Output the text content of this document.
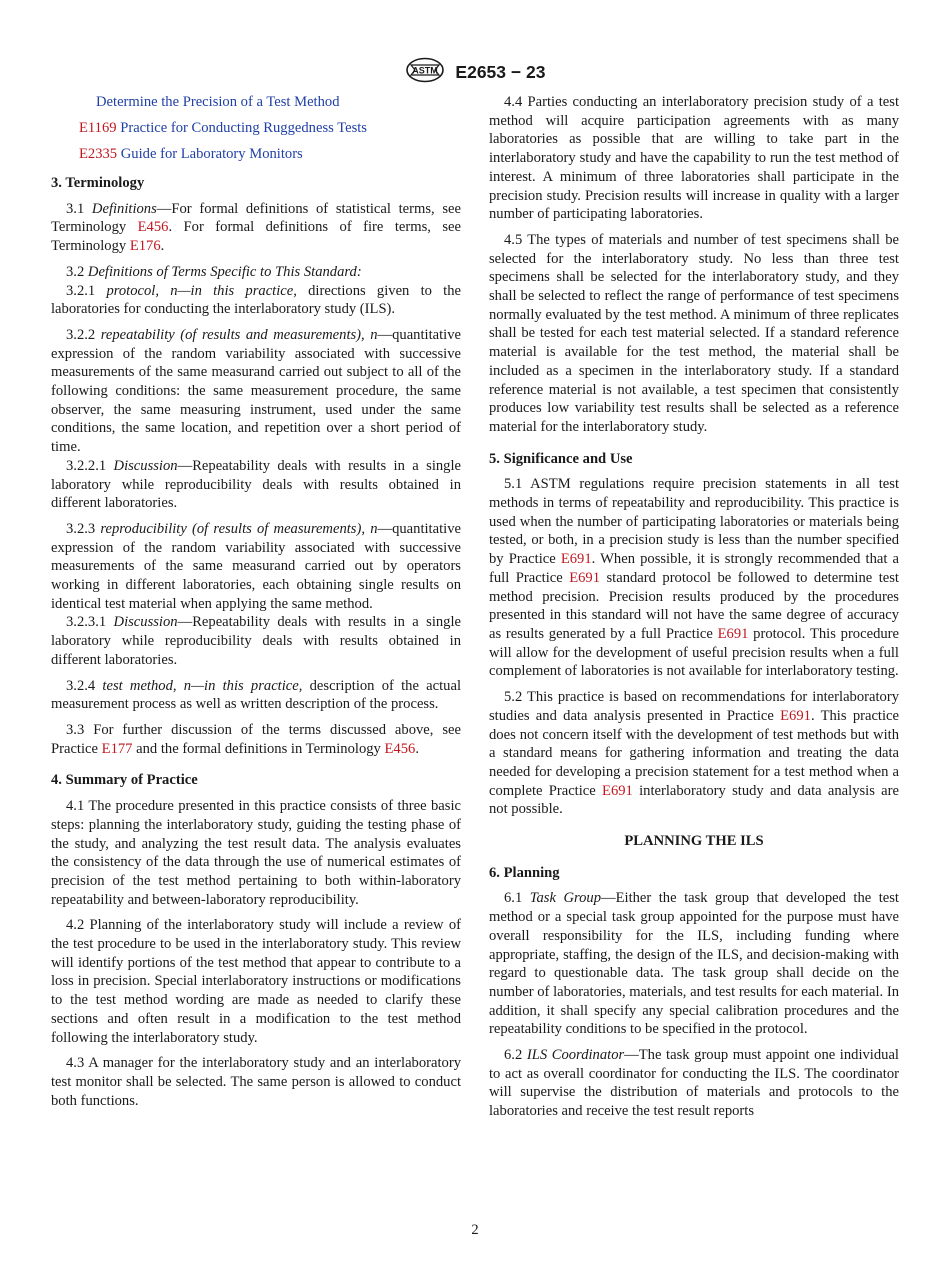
ASTM E2653 − 23

Determine the Precision of a Test Method

E1169 Practice for Conducting Ruggedness Tests

E2335 Guide for Laboratory Monitors

3. Terminology

3.1 Definitions—For formal definitions of statistical terms, see Terminology E456. For formal definitions of fire terms, see Terminology E176.

3.2 Definitions of Terms Specific to This Standard:

3.2.1 protocol, n—in this practice, directions given to the laboratories for conducting the interlaboratory study (ILS).

3.2.2 repeatability (of results and measurements), n—quantitative expression of the random variability associated with successive measurements of the same measurand carried out subject to all of the following conditions: the same measurement procedure, the same observer, the same measuring instrument, used under the same conditions, the same location, and repetition over a short period of time.

3.2.2.1 Discussion—Repeatability deals with results in a single laboratory while reproducibility deals with results obtained in different laboratories.

3.2.3 reproducibility (of results of measurements), n—quantitative expression of the random variability associated with successive measurements of the same measurand carried out by operators working in different laboratories, each obtaining single results on identical test material when applying the same method.

3.2.3.1 Discussion—Repeatability deals with results in a single laboratory while reproducibility deals with results obtained in different laboratories.

3.2.4 test method, n—in this practice, description of the actual measurement process as well as written description of the process.

3.3 For further discussion of the terms discussed above, see Practice E177 and the formal definitions in Terminology E456.

4. Summary of Practice

4.1 The procedure presented in this practice consists of three basic steps: planning the interlaboratory study, guiding the testing phase of the study, and analyzing the test result data. The analysis evaluates the consistency of the data through the use of numerical estimates of precision of the test method pertaining to both within-laboratory repeatability and between-laboratory reproducibility.

4.2 Planning of the interlaboratory study will include a review of the test procedure to be used in the interlaboratory study. This review will identify portions of the test method that appear to contribute to a loss in precision. Special interlaboratory instructions or modifications to the test method wording are made as needed to clarify these sections and often result in a modification to the test method following the interlaboratory study.

4.3 A manager for the interlaboratory study and an interlaboratory test monitor shall be selected. The same person is allowed to conduct both functions.

4.4 Parties conducting an interlaboratory precision study of a test method will acquire participation agreements with as many laboratories as possible that are willing to take part in the interlaboratory study and have the capability to run the test method of interest. A minimum of three laboratories shall participate in the precision study. Precision results will increase in quality with a larger number of participating laboratories.

4.5 The types of materials and number of test specimens shall be selected for the interlaboratory study. No less than three test specimens shall be selected for the interlaboratory study, and they shall be selected to reflect the range of performance of test specimens normally evaluated by the test method. A minimum of three replicates shall be tested for each test material selected. If a standard reference material is available for the test method, the material shall be included as a specimen in the interlaboratory study. If a standard reference material is not available, a test specimen that consistently produces low variability test results shall be selected as a reference material for the interlaboratory study.

5. Significance and Use

5.1 ASTM regulations require precision statements in all test methods in terms of repeatability and reproducibility. This practice is used when the number of participating laboratories or materials being tested, or both, in a precision study is less than the number specified by Practice E691. When possible, it is strongly recommended that a full Practice E691 standard protocol be followed to determine test method precision. Precision results produced by the procedures presented in this standard will not have the same degree of accuracy as results generated by a full Practice E691 protocol. This procedure will allow for the development of useful precision results when a full complement of laboratories is not available for interlaboratory testing.

5.2 This practice is based on recommendations for interlaboratory studies and data analysis presented in Practice E691. This practice does not concern itself with the development of test methods but with a standard means for gathering information and treating the data needed for developing a precision statement for a test method when a complete Practice E691 interlaboratory study and data analysis are not possible.

PLANNING THE ILS
6. Planning

6.1 Task Group—Either the task group that developed the test method or a special task group appointed for the purpose must have overall responsibility for the ILS, including funding where appropriate, staffing, the design of the ILS, and decision-making with regard to questionable data. The task group shall decide on the number of laboratories, materials, and test results for each material. In addition, it shall specify any special calibration procedures and the repeatability conditions to be specified in the protocol.

6.2 ILS Coordinator—The task group must appoint one individual to act as overall coordinator for conducting the ILS. The coordinator will supervise the distribution of materials and protocols to the laboratories and receive the test result reports

2
